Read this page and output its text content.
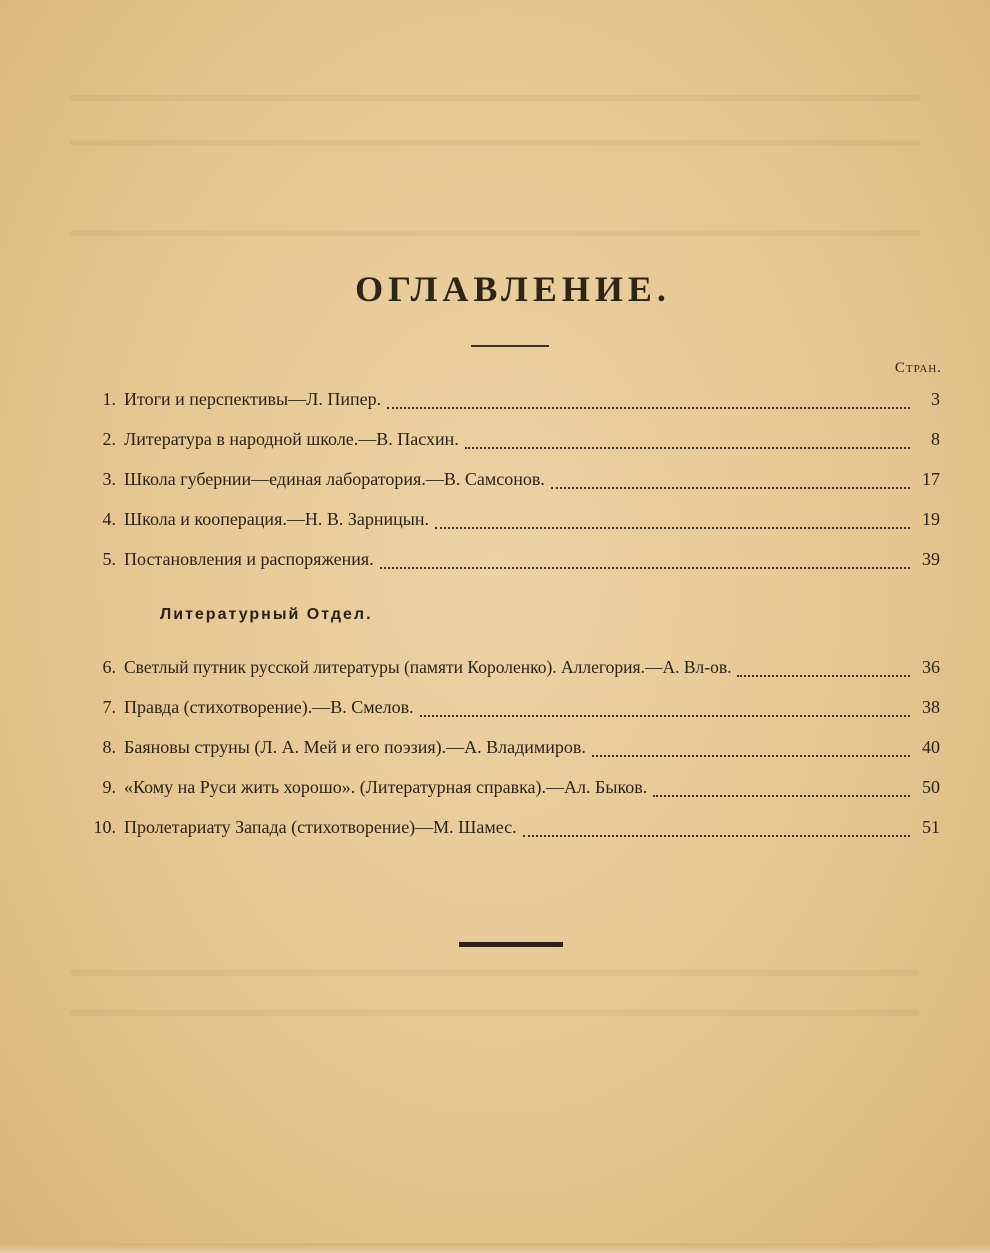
ОГЛАВЛЕНИЕ.
Стран.
1. Итоги и перспективы—Л. Пипер.	3
2. Литература в народной школе.—В. Пасхин.	8
3. Школа губернии—единая лаборатория.—В. Самсонов.	17
4. Школа и кооперация.—Н. В. Зарницын.	19
5. Постановления и распоряжения.	39
Литературный Отдел.
6. Светлый путник русской литературы (памяти Короленко). Аллегория.—А. Вл-ов.	36
7. Правда (стихотворение).—В. Смелов.	38
8. Баяновы струны (Л. А. Мей и его поэзия).—А. Владимиров.	40
9. «Кому на Руси жить хорошо». (Литературная справка).—Ал. Быков.	50
10. Пролетариату Запада (стихотворение)—М. Шамес.	51
